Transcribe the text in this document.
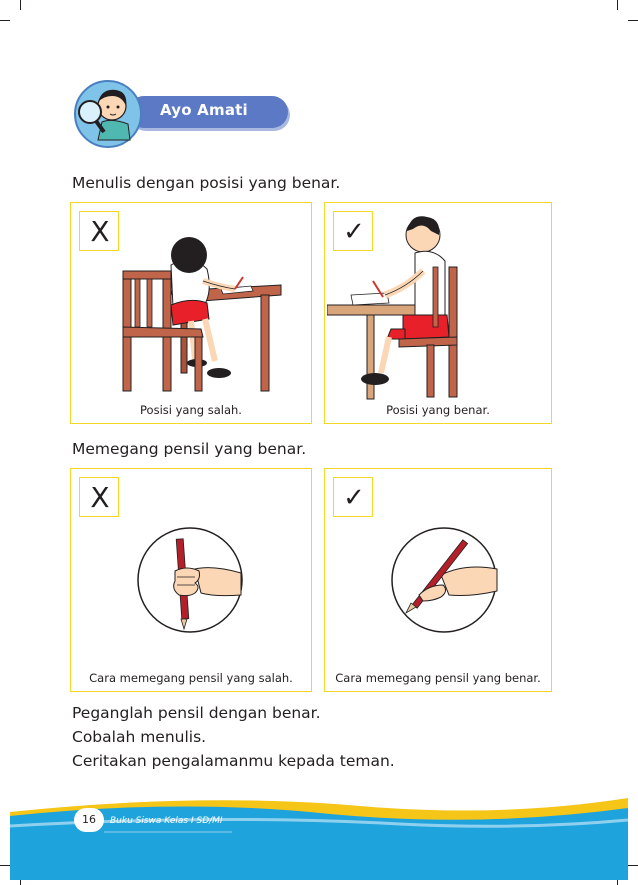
Ayo Amati
Menulis dengan posisi yang benar.
X
Posisi yang salah.
✓
Posisi yang benar.
Memegang pensil yang benar.
X
Cara memegang pensil yang salah.
✓
Cara memegang pensil yang benar.
Peganglah pensil dengan benar.
Cobalah menulis.
Ceritakan pengalamanmu kepada teman.
16	Buku Siswa Kelas I SD/MI
